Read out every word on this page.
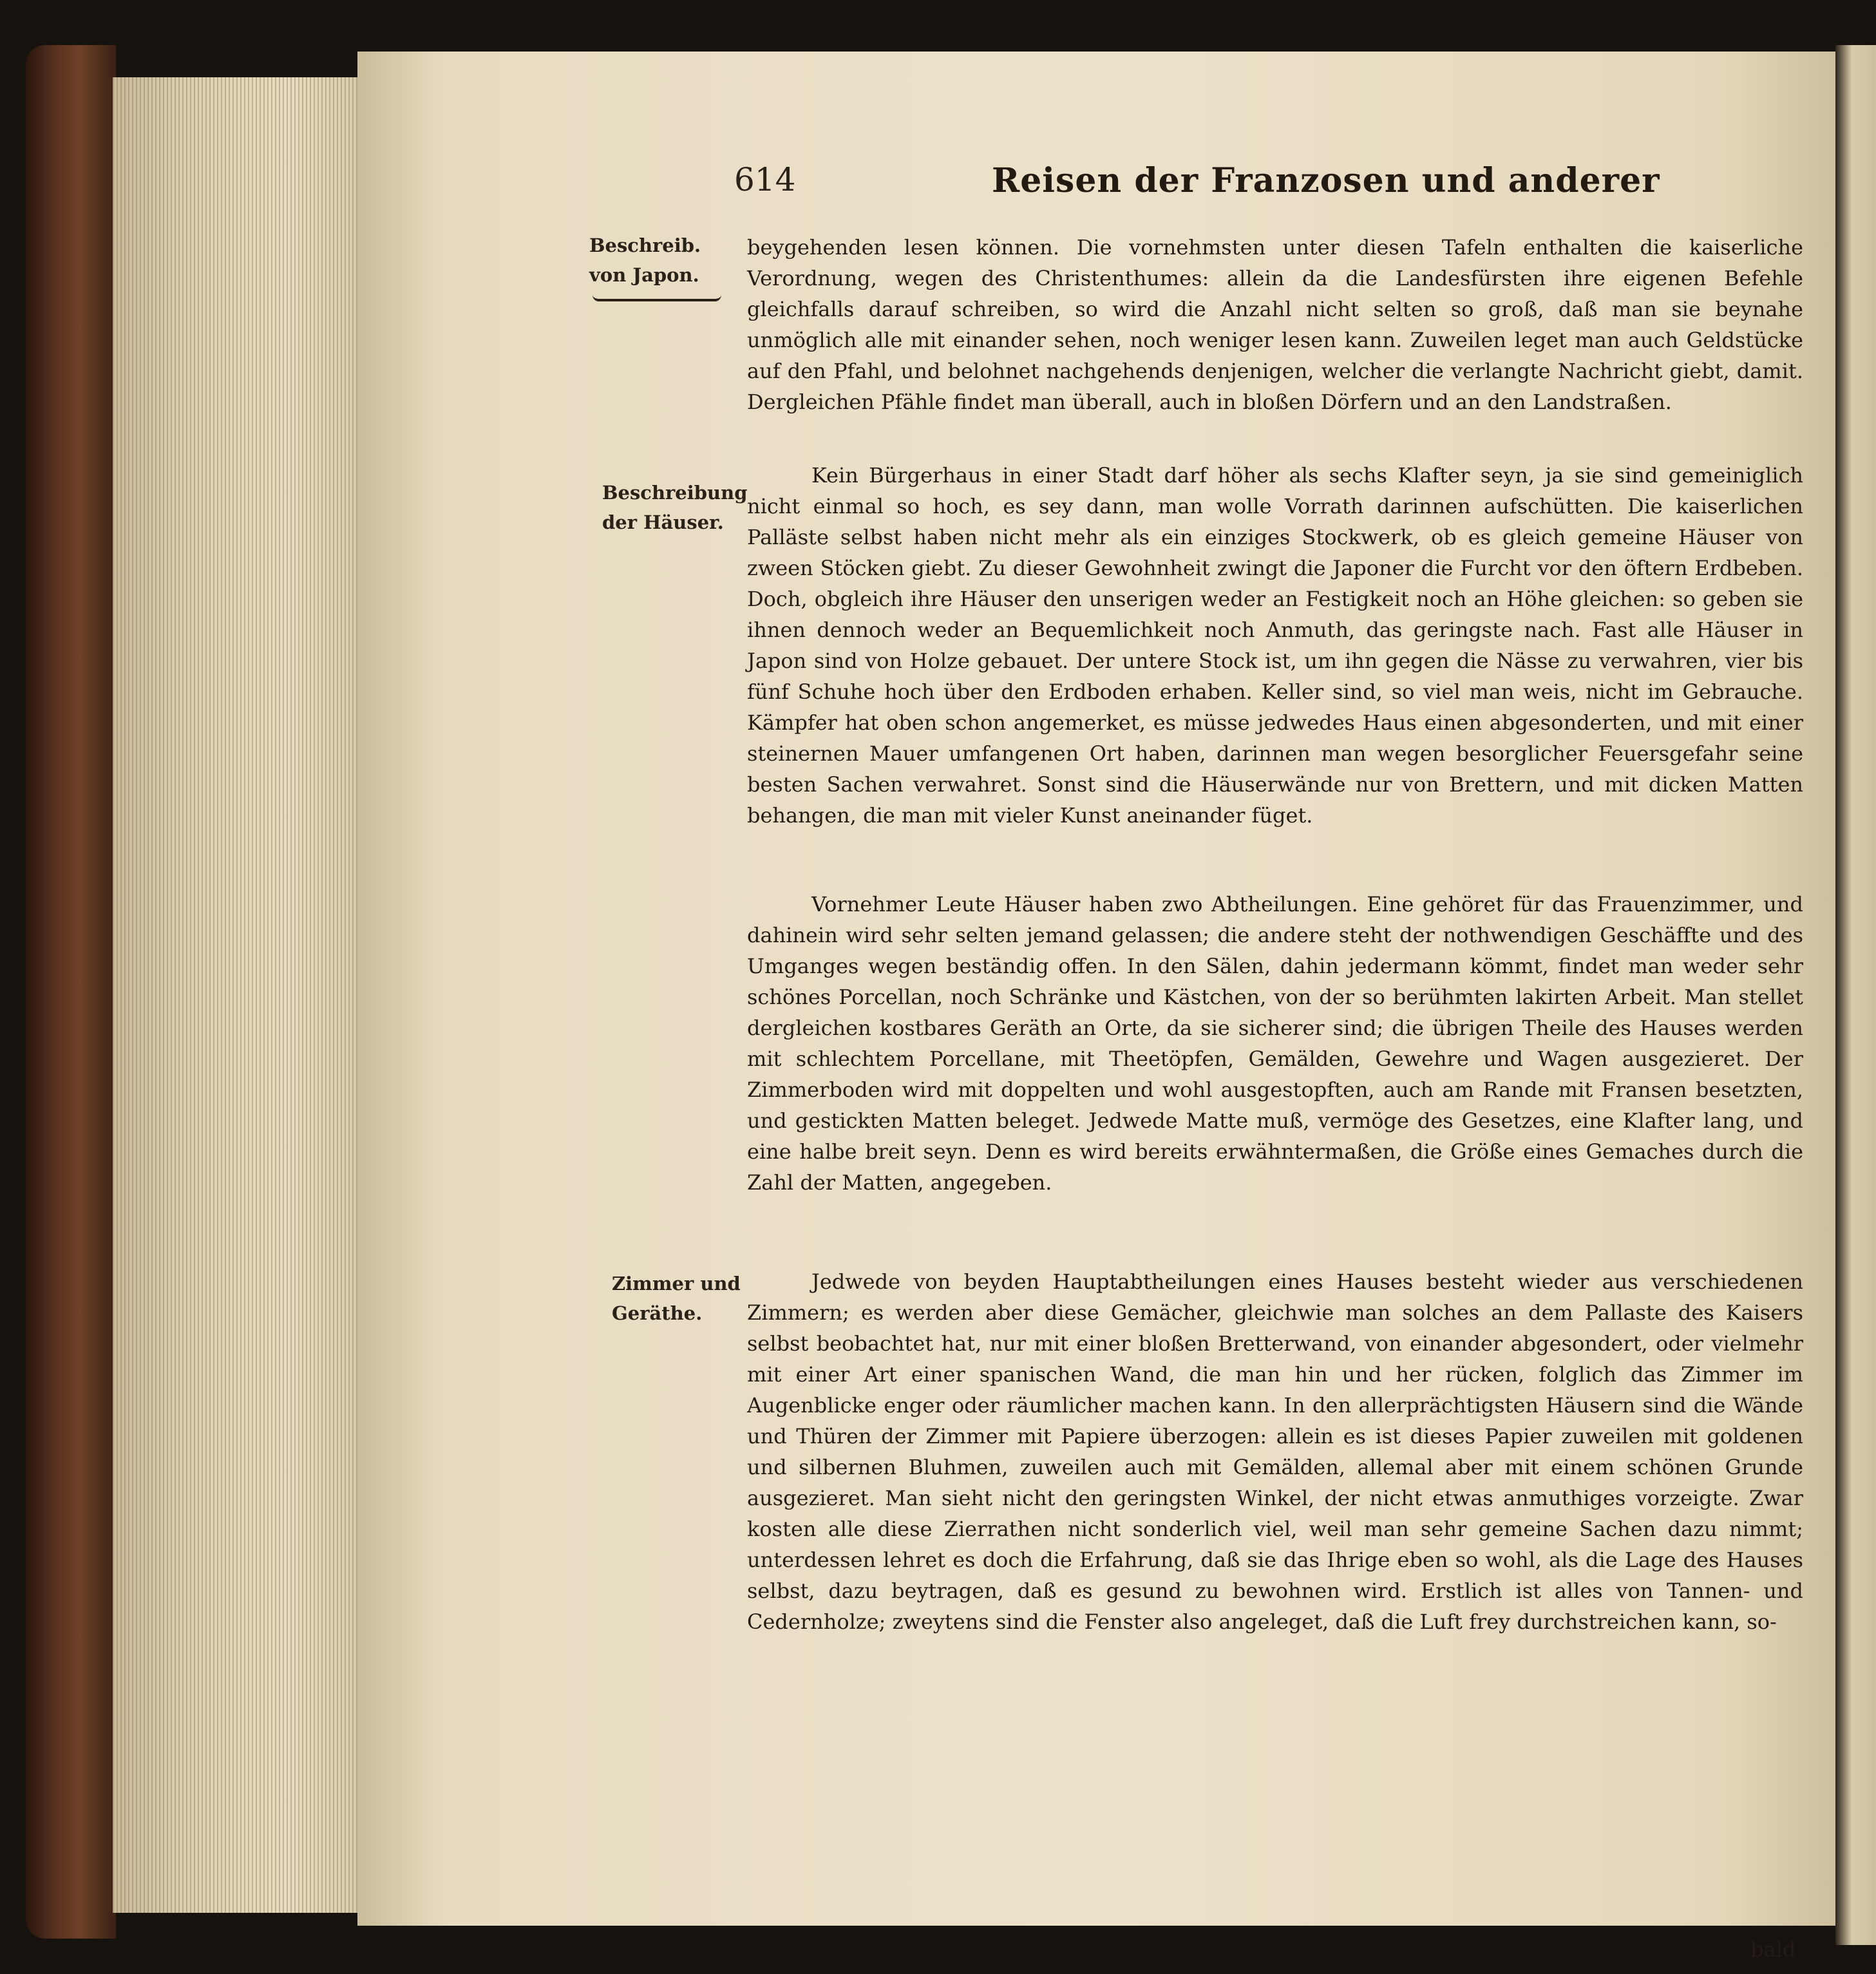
614	Reisen der Franzosen und anderer
Beschreib.
von Japon.
Beschreibung
der Häuser.
Zimmer und
Geräthe.

beygehenden lesen können. Die vornehmsten unter diesen Tafeln enthalten die kaiserliche Verordnung, wegen des Christenthumes: allein da die Landesfürsten ihre eigenen Befehle gleichfalls darauf schreiben, so wird die Anzahl nicht selten so groß, daß man sie beynahe unmöglich alle mit einander sehen, noch weniger lesen kann. Zuweilen leget man auch Geldstücke auf den Pfahl, und belohnet nachgehends denjenigen, welcher die verlangte Nachricht giebt, damit. Dergleichen Pfähle findet man überall, auch in bloßen Dörfern und an den Landstraßen.

Kein Bürgerhaus in einer Stadt darf höher als sechs Klafter seyn, ja sie sind gemeiniglich nicht einmal so hoch, es sey dann, man wolle Vorrath darinnen aufschütten. Die kaiserlichen Palläste selbst haben nicht mehr als ein einziges Stockwerk, ob es gleich gemeine Häuser von zween Stöcken giebt. Zu dieser Gewohnheit zwingt die Japoner die Furcht vor den öftern Erdbeben. Doch, obgleich ihre Häuser den unserigen weder an Festigkeit noch an Höhe gleichen: so geben sie ihnen dennoch weder an Bequemlichkeit noch Anmuth, das geringste nach. Fast alle Häuser in Japon sind von Holze gebauet. Der untere Stock ist, um ihn gegen die Nässe zu verwahren, vier bis fünf Schuhe hoch über den Erdboden erhaben. Keller sind, so viel man weis, nicht im Gebrauche. Kämpfer hat oben schon angemerket, es müsse jedwedes Haus einen abgesonderten, und mit einer steinernen Mauer umfangenen Ort haben, darinnen man wegen besorglicher Feuersgefahr seine besten Sachen verwahret. Sonst sind die Häuserwände nur von Brettern, und mit dicken Matten behangen, die man mit vieler Kunst aneinander füget.

Vornehmer Leute Häuser haben zwo Abtheilungen. Eine gehöret für das Frauenzimmer, und dahinein wird sehr selten jemand gelassen; die andere steht der nothwendigen Geschäffte und des Umganges wegen beständig offen. In den Sälen, dahin jedermann kömmt, findet man weder sehr schönes Porcellan, noch Schränke und Kästchen, von der so berühmten lakirten Arbeit. Man stellet dergleichen kostbares Geräth an Orte, da sie sicherer sind; die übrigen Theile des Hauses werden mit schlechtem Porcellane, mit Theetöpfen, Gemälden, Gewehre und Wagen ausgezieret. Der Zimmerboden wird mit doppelten und wohl ausgestopften, auch am Rande mit Fransen besetzten, und gestickten Matten beleget. Jedwede Matte muß, vermöge des Gesetzes, eine Klafter lang, und eine halbe breit seyn. Denn es wird bereits erwähntermaßen, die Größe eines Gemaches durch die Zahl der Matten, angegeben.

Jedwede von beyden Hauptabtheilungen eines Hauses besteht wieder aus verschiedenen Zimmern; es werden aber diese Gemächer, gleichwie man solches an dem Pallaste des Kaisers selbst beobachtet hat, nur mit einer bloßen Bretterwand, von einander abgesondert, oder vielmehr mit einer Art einer spanischen Wand, die man hin und her rücken, folglich das Zimmer im Augenblicke enger oder räumlicher machen kann. In den allerprächtigsten Häusern sind die Wände und Thüren der Zimmer mit Papiere überzogen: allein es ist dieses Papier zuweilen mit goldenen und silbernen Bluhmen, zuweilen auch mit Gemälden, allemal aber mit einem schönen Grunde ausgezieret. Man sieht nicht den geringsten Winkel, der nicht etwas anmuthiges vorzeigte. Zwar kosten alle diese Zierrathen nicht sonderlich viel, weil man sehr gemeine Sachen dazu nimmt; unterdessen lehret es doch die Erfahrung, daß sie das Ihrige eben so wohl, als die Lage des Hauses selbst, dazu beytragen, daß es gesund zu bewohnen wird. Erstlich ist alles von Tannen- und Cedernholze; zweytens sind die Fenster also angeleget, daß die Luft frey durchstreichen kann, so-

bald
